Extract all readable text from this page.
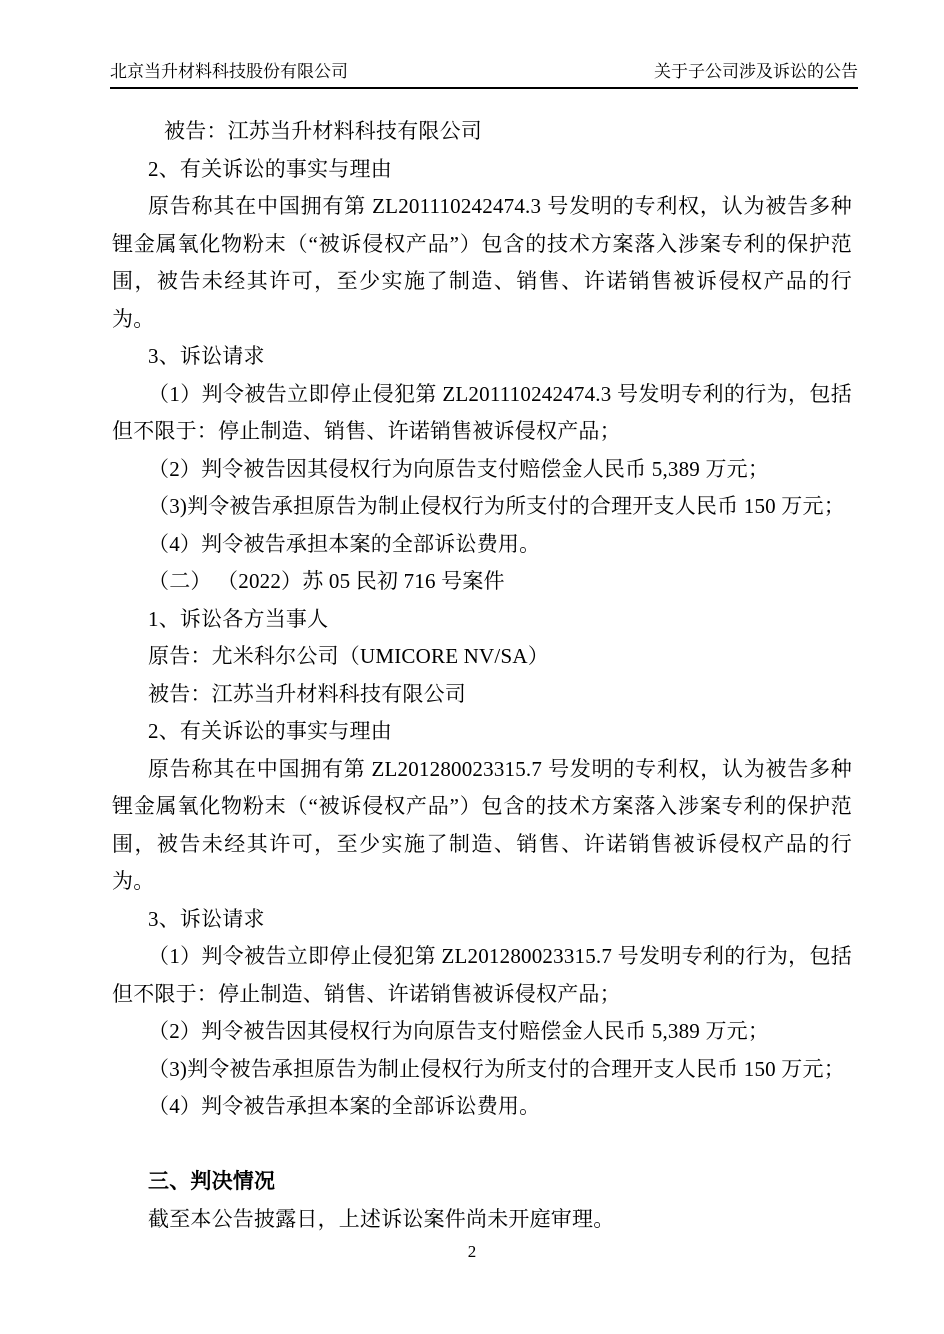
北京当升材料科技股份有限公司	关于子公司涉及诉讼的公告

被告：江苏当升材料科技有限公司

2、有关诉讼的事实与理由

原告称其在中国拥有第 ZL201110242474.3 号发明的专利权，认为被告多种锂金属氧化物粉末（“被诉侵权产品”）包含的技术方案落入涉案专利的保护范围，被告未经其许可，至少实施了制造、销售、许诺销售被诉侵权产品的行为。

3、诉讼请求

（1）判令被告立即停止侵犯第 ZL201110242474.3 号发明专利的行为，包括但不限于：停止制造、销售、许诺销售被诉侵权产品；

（2）判令被告因其侵权行为向原告支付赔偿金人民币 5,389 万元；

（3)判令被告承担原告为制止侵权行为所支付的合理开支人民币 150 万元；

（4）判令被告承担本案的全部诉讼费用。

（二） （2022）苏 05 民初 716 号案件

1、诉讼各方当事人

原告：尤米科尔公司（UMICORE NV/SA）

被告：江苏当升材料科技有限公司

2、有关诉讼的事实与理由

原告称其在中国拥有第 ZL201280023315.7 号发明的专利权，认为被告多种锂金属氧化物粉末（“被诉侵权产品”）包含的技术方案落入涉案专利的保护范围，被告未经其许可，至少实施了制造、销售、许诺销售被诉侵权产品的行为。

3、诉讼请求

（1）判令被告立即停止侵犯第 ZL201280023315.7 号发明专利的行为，包括但不限于：停止制造、销售、许诺销售被诉侵权产品；

（2）判令被告因其侵权行为向原告支付赔偿金人民币 5,389 万元；

（3)判令被告承担原告为制止侵权行为所支付的合理开支人民币 150 万元；

（4）判令被告承担本案的全部诉讼费用。

三、判决情况

截至本公告披露日，上述诉讼案件尚未开庭审理。

2
